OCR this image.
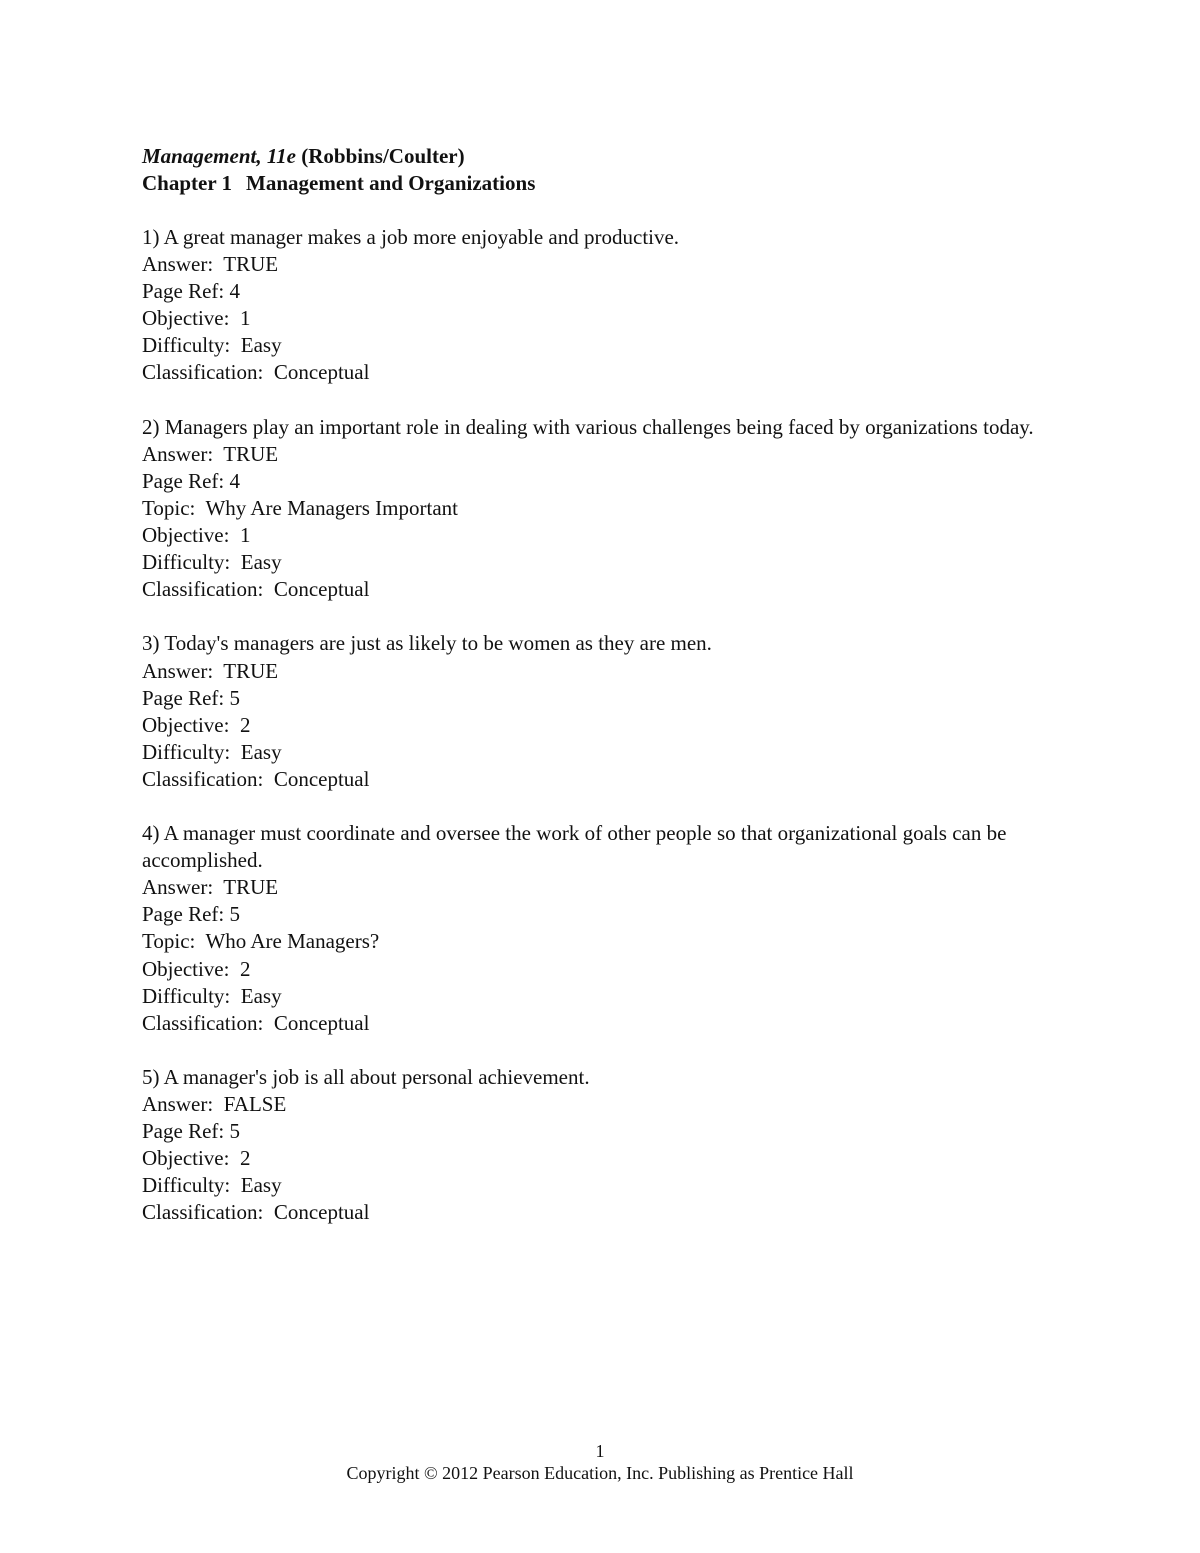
Management, 11e (Robbins/Coulter)
Chapter 1 Management and Organizations
1) A great manager makes a job more enjoyable and productive.
Answer:  TRUE
Page Ref: 4
Objective:  1
Difficulty:  Easy
Classification:  Conceptual
2) Managers play an important role in dealing with various challenges being faced by organizations today.
Answer:  TRUE
Page Ref: 4
Topic:  Why Are Managers Important
Objective:  1
Difficulty:  Easy
Classification:  Conceptual
3) Today's managers are just as likely to be women as they are men.
Answer:  TRUE
Page Ref: 5
Objective:  2
Difficulty:  Easy
Classification:  Conceptual
4) A manager must coordinate and oversee the work of other people so that organizational goals can be accomplished.
Answer:  TRUE
Page Ref: 5
Topic:  Who Are Managers?
Objective:  2
Difficulty:  Easy
Classification:  Conceptual
5) A manager's job is all about personal achievement.
Answer:  FALSE
Page Ref: 5
Objective:  2
Difficulty:  Easy
Classification:  Conceptual
1
Copyright © 2012 Pearson Education, Inc. Publishing as Prentice Hall
